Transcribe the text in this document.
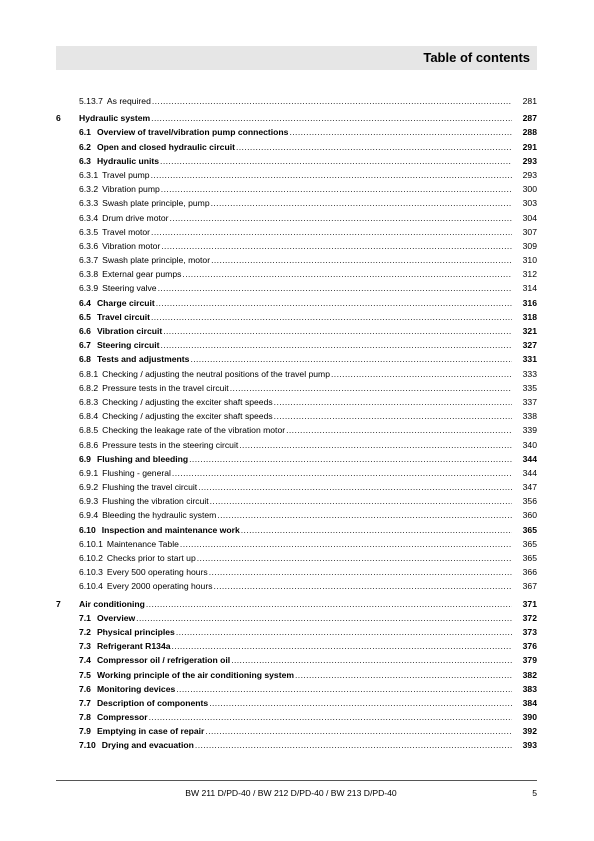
Table of contents
5.13.7 As required .....	281
6 Hydraulic system .....	287
6.1 Overview of travel/vibration pump connections .....	288
6.2 Open and closed hydraulic circuit .....	291
6.3 Hydraulic units .....	293
6.3.1 Travel pump .....	293
6.3.2 Vibration pump .....	300
6.3.3 Swash plate principle, pump .....	303
6.3.4 Drum drive motor .....	304
6.3.5 Travel motor .....	307
6.3.6 Vibration motor .....	309
6.3.7 Swash plate principle, motor .....	310
6.3.8 External gear pumps .....	312
6.3.9 Steering valve .....	314
6.4 Charge circuit .....	316
6.5 Travel circuit .....	318
6.6 Vibration circuit .....	321
6.7 Steering circuit .....	327
6.8 Tests and adjustments .....	331
6.8.1 Checking / adjusting the neutral positions of the travel pump .....	333
6.8.2 Pressure tests in the travel circuit .....	335
6.8.3 Checking / adjusting the exciter shaft speeds .....	337
6.8.4 Checking / adjusting the exciter shaft speeds .....	338
6.8.5 Checking the leakage rate of the vibration motor .....	339
6.8.6 Pressure tests in the steering circuit .....	340
6.9 Flushing and bleeding .....	344
6.9.1 Flushing - general .....	344
6.9.2 Flushing the travel circuit .....	347
6.9.3 Flushing the vibration circuit .....	356
6.9.4 Bleeding the hydraulic system .....	360
6.10 Inspection and maintenance work .....	365
6.10.1 Maintenance Table .....	365
6.10.2 Checks prior to start up .....	365
6.10.3 Every 500 operating hours .....	366
6.10.4 Every 2000 operating hours .....	367
7 Air conditioning .....	371
7.1 Overview .....	372
7.2 Physical principles .....	373
7.3 Refrigerant R134a .....	376
7.4 Compressor oil / refrigeration oil .....	379
7.5 Working principle of the air conditioning system .....	382
7.6 Monitoring devices .....	383
7.7 Description of components .....	384
7.8 Compressor .....	390
7.9 Emptying in case of repair .....	392
7.10 Drying and evacuation .....	393
BW 211 D/PD-40 / BW 212 D/PD-40 / BW 213 D/PD-40	5
